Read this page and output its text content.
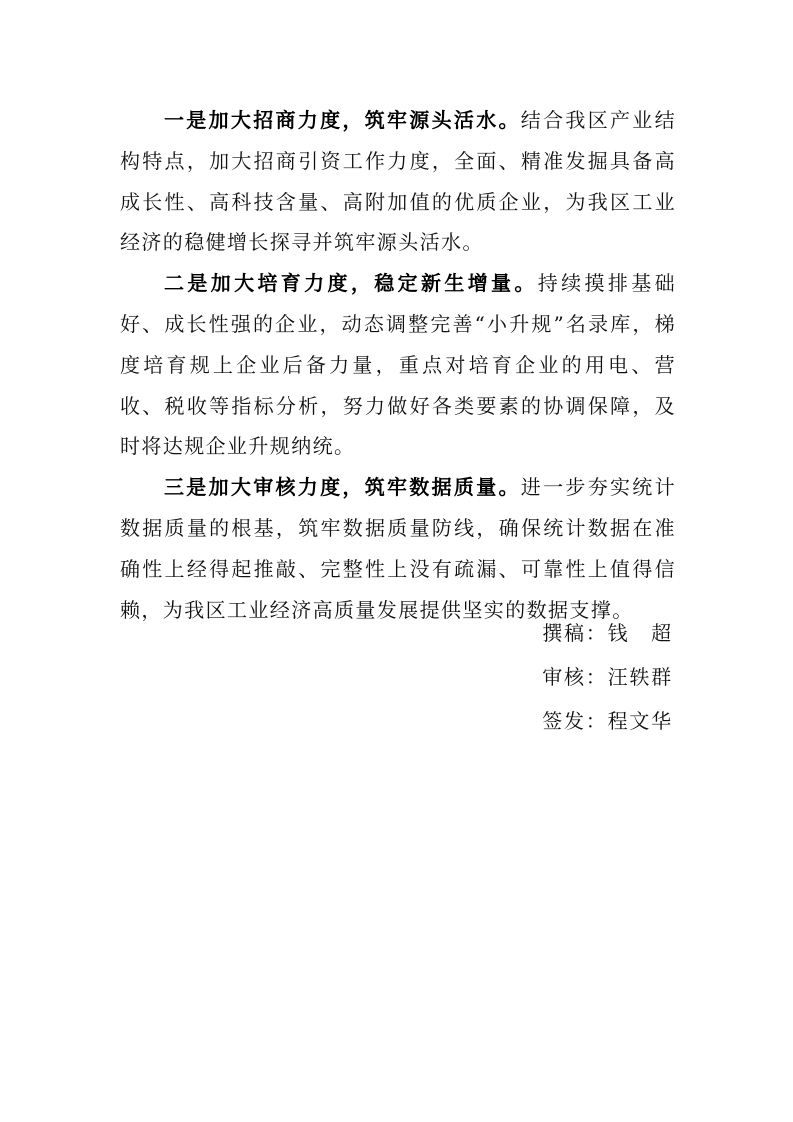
一是加大招商力度，筑牢源头活水。结合我区产业结构特点，加大招商引资工作力度，全面、精准发掘具备高成长性、高科技含量、高附加值的优质企业，为我区工业经济的稳健增长探寻并筑牢源头活水。

二是加大培育力度，稳定新生增量。持续摸排基础好、成长性强的企业，动态调整完善“小升规”名录库，梯度培育规上企业后备力量，重点对培育企业的用电、营收、税收等指标分析，努力做好各类要素的协调保障，及时将达规企业升规纳统。

三是加大审核力度，筑牢数据质量。进一步夯实统计数据质量的根基，筑牢数据质量防线，确保统计数据在准确性上经得起推敲、完整性上没有疏漏、可靠性上值得信赖，为我区工业经济高质量发展提供坚实的数据支撑。

撰稿：钱　超
审核：汪轶群
签发：程文华
